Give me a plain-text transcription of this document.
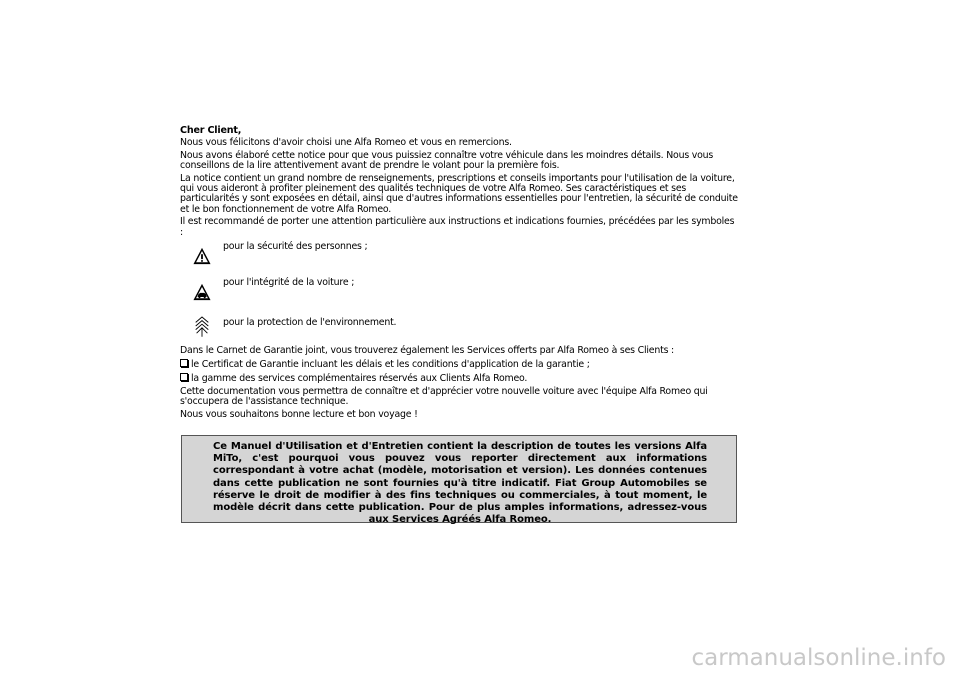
Cher Client,
Nous vous félicitons d'avoir choisi une Alfa Romeo et vous en remercions.
Nous avons élaboré cette notice pour que vous puissiez connaître votre véhicule dans les moindres détails. Nous vous conseillons de la lire attentivement avant de prendre le volant pour la première fois.
La notice contient un grand nombre de renseignements, prescriptions et conseils importants pour l'utilisation de la voiture, qui vous aideront à profiter pleinement des qualités techniques de votre Alfa Romeo. Ses caractéristiques et ses particularités y sont exposées en détail, ainsi que d'autres informations essentielles pour l'entretien, la sécurité de conduite et le bon fonctionnement de votre Alfa Romeo.
Il est recommandé de porter une attention particulière aux instructions et indications fournies, précédées par les symboles :
pour la sécurité des personnes ;
pour l'intégrité de la voiture ;
pour la protection de l'environnement.
Dans le Carnet de Garantie joint, vous trouverez également les Services offerts par Alfa Romeo à ses Clients :
le Certificat de Garantie incluant les délais et les conditions d'application de la garantie ;
la gamme des services complémentaires réservés aux Clients Alfa Romeo.
Cette documentation vous permettra de connaître et d'apprécier votre nouvelle voiture avec l'équipe Alfa Romeo qui s'occupera de l'assistance technique.
Nous vous souhaitons bonne lecture et bon voyage !
Ce Manuel d'Utilisation et d'Entretien contient la description de toutes les versions Alfa MiTo, c'est pourquoi vous pouvez vous reporter directement aux informations correspondant à votre achat (modèle, motorisation et version). Les données contenues dans cette publication ne sont fournies qu'à titre indicatif. Fiat Group Automobiles se réserve le droit de modifier à des fins techniques ou commerciales, à tout moment, le modèle décrit dans cette publication. Pour de plus amples informations, adressez-vous aux Services Agréés Alfa Romeo.
carmanualsonline.info
